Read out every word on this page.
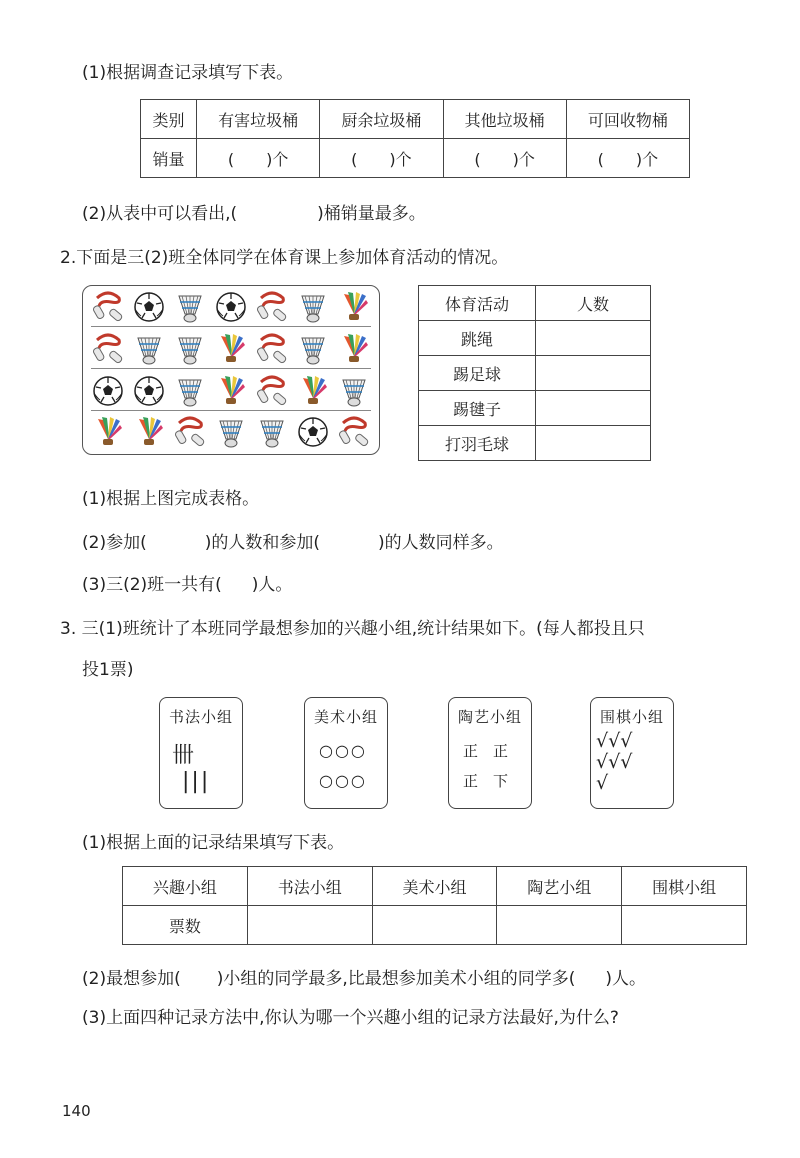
(1)根据调查记录填写下表。
类别	有害垃圾桶	厨余垃圾桶	其他垃圾桶	可回收物桶
销量	(　　)个	(　　)个	(　　)个	(　　)个
(2)从表中可以看出,(	)桶销量最多。
2.下面是三(2)班全体同学在体育课上参加体育活动的情况。
体育活动	人数
跳绳	
踢足球	
踢毽子	
打羽毛球	
(1)根据上图完成表格。
(2)参加(	)的人数和参加(	)的人数同样多。
(3)三(2)班一共有( )人。
3. 三(1)班统计了本班同学最想参加的兴趣小组,统计结果如下。(每人都投且只
投1票)
书法小组
卌 |||
美术小组
○○○
○○○
陶艺小组
正　正
正　下
围棋小组
√√√
√√√
√
(1)根据上面的记录结果填写下表。
兴趣小组	书法小组	美术小组	陶艺小组	围棋小组
票数				
(2)最想参加( )小组的同学最多,比最想参加美术小组的同学多( )人。
(3)上面四种记录方法中,你认为哪一个兴趣小组的记录方法最好,为什么?
140
